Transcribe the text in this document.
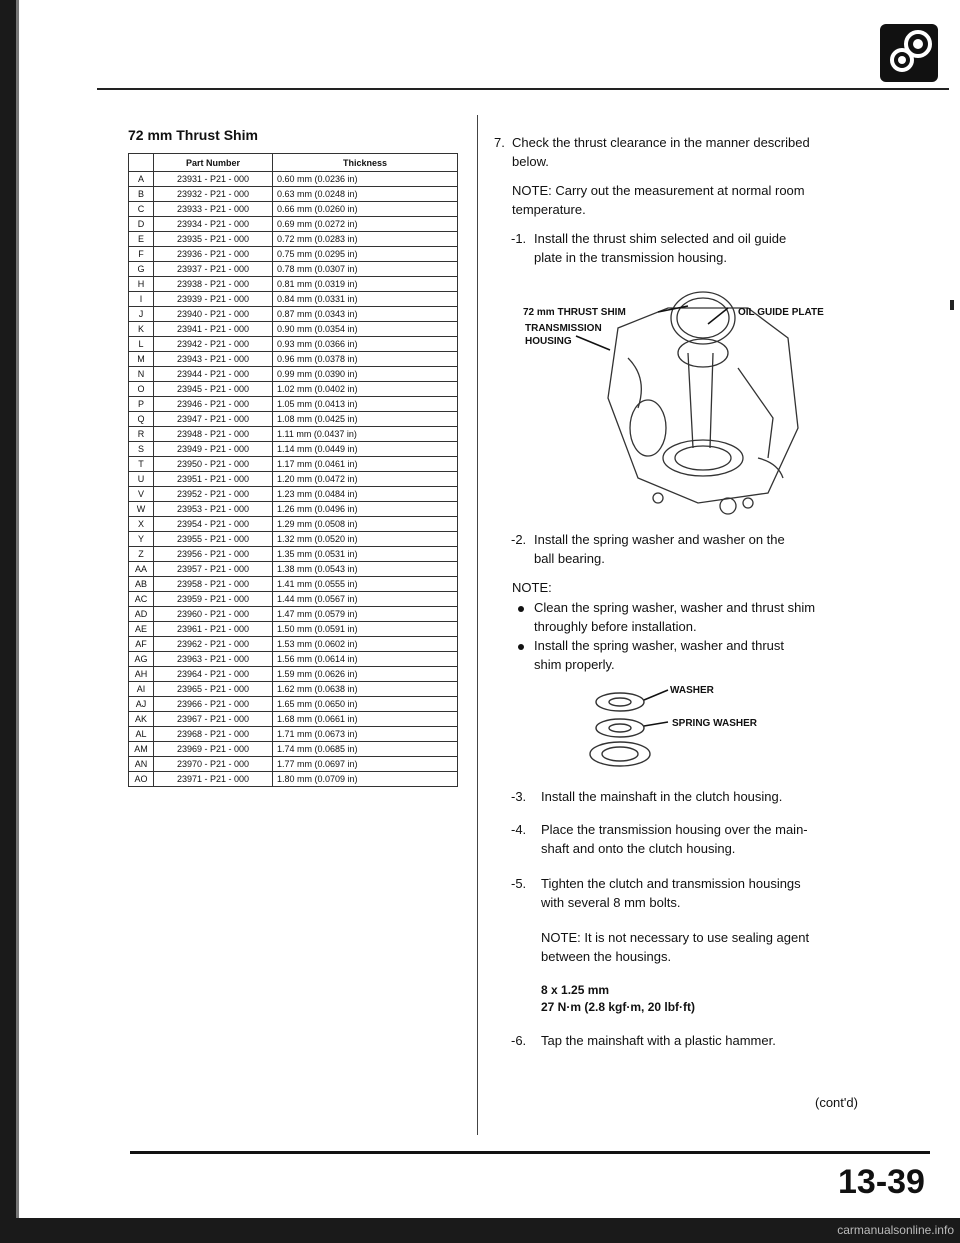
72 mm Thrust Shim
	Part Number	Thickness
A	23931 - P21 - 000	0.60 mm (0.0236 in)
B	23932 - P21 - 000	0.63 mm (0.0248 in)
C	23933 - P21 - 000	0.66 mm (0.0260 in)
D	23934 - P21 - 000	0.69 mm (0.0272 in)
E	23935 - P21 - 000	0.72 mm (0.0283 in)
F	23936 - P21 - 000	0.75 mm (0.0295 in)
G	23937 - P21 - 000	0.78 mm (0.0307 in)
H	23938 - P21 - 000	0.81 mm (0.0319 in)
I	23939 - P21 - 000	0.84 mm (0.0331 in)
J	23940 - P21 - 000	0.87 mm (0.0343 in)
K	23941 - P21 - 000	0.90 mm (0.0354 in)
L	23942 - P21 - 000	0.93 mm (0.0366 in)
M	23943 - P21 - 000	0.96 mm (0.0378 in)
N	23944 - P21 - 000	0.99 mm (0.0390 in)
O	23945 - P21 - 000	1.02 mm (0.0402 in)
P	23946 - P21 - 000	1.05 mm (0.0413 in)
Q	23947 - P21 - 000	1.08 mm (0.0425 in)
R	23948 - P21 - 000	1.11 mm (0.0437 in)
S	23949 - P21 - 000	1.14 mm (0.0449 in)
T	23950 - P21 - 000	1.17 mm (0.0461 in)
U	23951 - P21 - 000	1.20 mm (0.0472 in)
V	23952 - P21 - 000	1.23 mm (0.0484 in)
W	23953 - P21 - 000	1.26 mm (0.0496 in)
X	23954 - P21 - 000	1.29 mm (0.0508 in)
Y	23955 - P21 - 000	1.32 mm (0.0520 in)
Z	23956 - P21 - 000	1.35 mm (0.0531 in)
AA	23957 - P21 - 000	1.38 mm (0.0543 in)
AB	23958 - P21 - 000	1.41 mm (0.0555 in)
AC	23959 - P21 - 000	1.44 mm (0.0567 in)
AD	23960 - P21 - 000	1.47 mm (0.0579 in)
AE	23961 - P21 - 000	1.50 mm (0.0591 in)
AF	23962 - P21 - 000	1.53 mm (0.0602 in)
AG	23963 - P21 - 000	1.56 mm (0.0614 in)
AH	23964 - P21 - 000	1.59 mm (0.0626 in)
AI	23965 - P21 - 000	1.62 mm (0.0638 in)
AJ	23966 - P21 - 000	1.65 mm (0.0650 in)
AK	23967 - P21 - 000	1.68 mm (0.0661 in)
AL	23968 - P21 - 000	1.71 mm (0.0673 in)
AM	23969 - P21 - 000	1.74 mm (0.0685 in)
AN	23970 - P21 - 000	1.77 mm (0.0697 in)
AO	23971 - P21 - 000	1.80 mm (0.0709 in)
7. Check the thrust clearance in the manner described
below.
NOTE: Carry out the measurement at normal room
temperature.
-1. Install the thrust shim selected and oil guide
plate in the transmission housing.
72 mm THRUST SHIM	OIL GUIDE PLATE
TRANSMISSION
HOUSING
-2. Install the spring washer and washer on the
ball bearing.
NOTE:
Clean the spring washer, washer and thrust shim
throughly before installation.
Install the spring washer, washer and thrust
shim properly.
WASHER
SPRING WASHER
-3. Install the mainshaft in the clutch housing.
-4. Place the transmission housing over the main-
shaft and onto the clutch housing.
-5. Tighten the clutch and transmission housings
with several 8 mm bolts.
NOTE: It is not necessary to use sealing agent
between the housings.
8 x 1.25 mm
27 N·m (2.8 kgf·m, 20 lbf·ft)
-6. Tap the mainshaft with a plastic hammer.
(cont'd)
13-39
carmanualsonline.info
